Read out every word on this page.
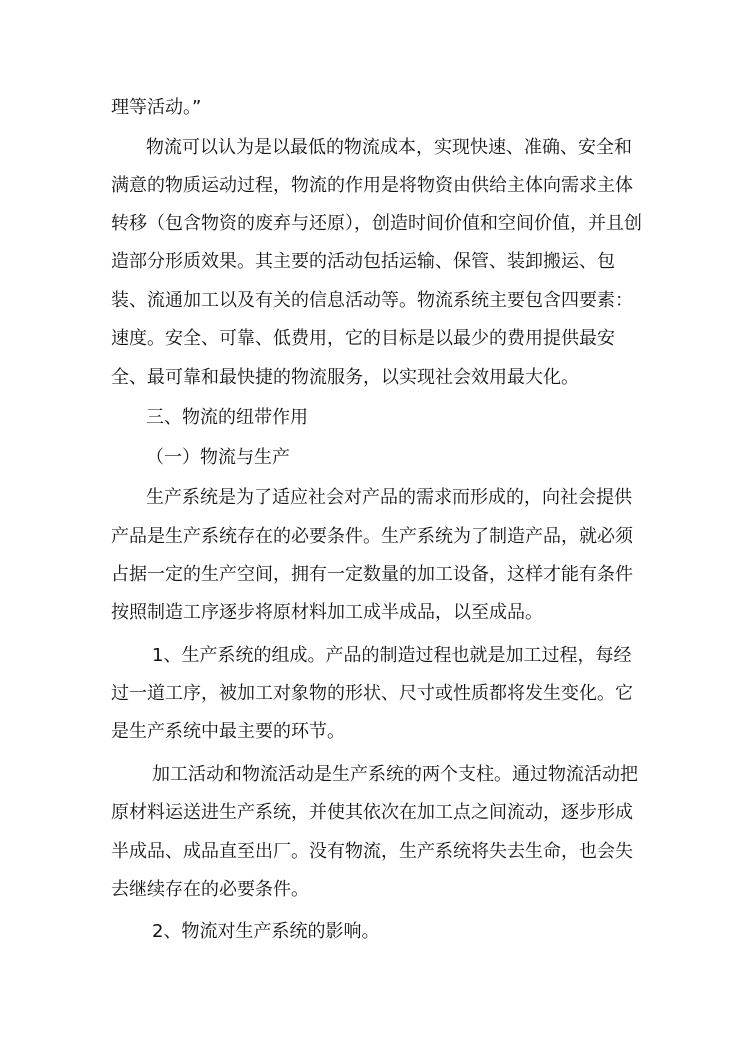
理等活动。”
物流可以认为是以最低的物流成本，实现快速、准确、安全和
满意的物质运动过程，物流的作用是将物资由供给主体向需求主体
转移（包含物资的废弃与还原），创造时间价值和空间价值，并且创
造部分形质效果。其主要的活动包括运输、保管、装卸搬运、包
装、流通加工以及有关的信息活动等。物流系统主要包含四要素：
速度。安全、可靠、低费用，它的目标是以最少的费用提供最安
全、最可靠和最快捷的物流服务，以实现社会效用最大化。
三、物流的纽带作用
（一）物流与生产
生产系统是为了适应社会对产品的需求而形成的，向社会提供
产品是生产系统存在的必要条件。生产系统为了制造产品，就必须
占据一定的生产空间，拥有一定数量的加工设备，这样才能有条件
按照制造工序逐步将原材料加工成半成品，以至成品。
1、生产系统的组成。产品的制造过程也就是加工过程，每经
过一道工序，被加工对象物的形状、尺寸或性质都将发生变化。它
是生产系统中最主要的环节。
加工活动和物流活动是生产系统的两个支柱。通过物流活动把
原材料运送进生产系统，并使其依次在加工点之间流动，逐步形成
半成品、成品直至出厂。没有物流，生产系统将失去生命，也会失
去继续存在的必要条件。
2、物流对生产系统的影响。
